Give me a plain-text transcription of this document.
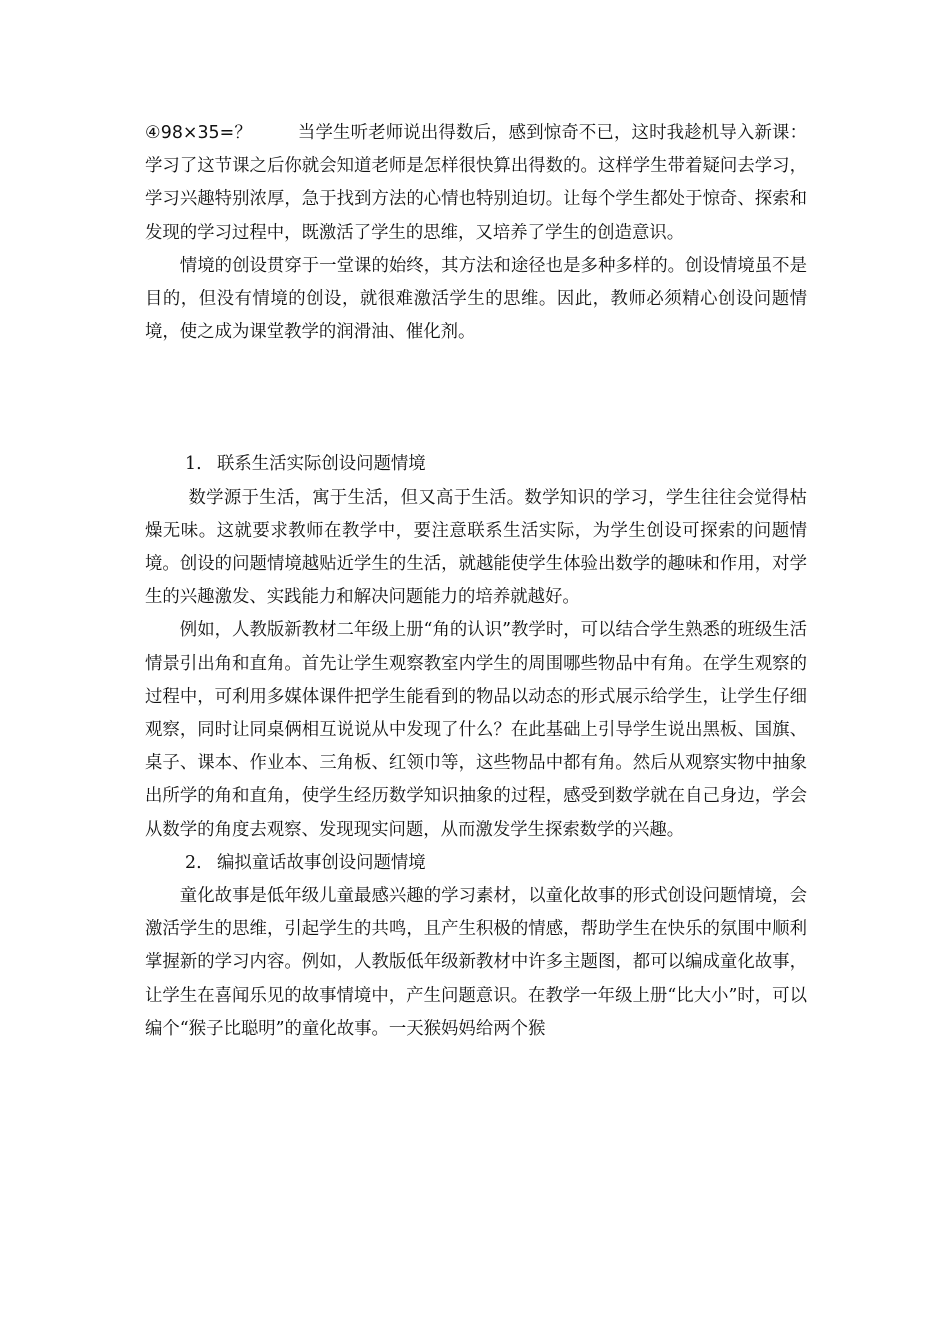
④98×35=？	当学生听老师说出得数后，感到惊奇不已，这时我趁机导入新课：学习了这节课之后你就会知道老师是怎样很快算出得数的。这样学生带着疑问去学习，学习兴趣特别浓厚，急于找到方法的心情也特别迫切。让每个学生都处于惊奇、探索和发现的学习过程中，既激活了学生的思维，又培养了学生的创造意识。

情境的创设贯穿于一堂课的始终，其方法和途径也是多种多样的。创设情境虽不是目的，但没有情境的创设，就很难激活学生的思维。因此，教师必须精心创设问题情境，使之成为课堂教学的润滑油、催化剂。

1. 联系生活实际创设问题情境

数学源于生活，寓于生活，但又高于生活。数学知识的学习，学生往往会觉得枯燥无味。这就要求教师在教学中，要注意联系生活实际，为学生创设可探索的问题情境。创设的问题情境越贴近学生的生活，就越能使学生体验出数学的趣味和作用，对学生的兴趣激发、实践能力和解决问题能力的培养就越好。

例如，人教版新教材二年级上册“角的认识”教学时，可以结合学生熟悉的班级生活情景引出角和直角。首先让学生观察教室内学生的周围哪些物品中有角。在学生观察的过程中，可利用多媒体课件把学生能看到的物品以动态的形式展示给学生，让学生仔细观察，同时让同桌俩相互说说从中发现了什么？在此基础上引导学生说出黑板、国旗、桌子、课本、作业本、三角板、红领巾等，这些物品中都有角。然后从观察实物中抽象出所学的角和直角，使学生经历数学知识抽象的过程，感受到数学就在自己身边，学会从数学的角度去观察、发现现实问题，从而激发学生探索数学的兴趣。

2. 编拟童话故事创设问题情境

童化故事是低年级儿童最感兴趣的学习素材，以童化故事的形式创设问题情境，会激活学生的思维，引起学生的共鸣，且产生积极的情感，帮助学生在快乐的氛围中顺利掌握新的学习内容。例如，人教版低年级新教材中许多主题图，都可以编成童化故事，让学生在喜闻乐见的故事情境中，产生问题意识。在教学一年级上册“比大小”时，可以编个“猴子比聪明”的童化故事。一天猴妈妈给两个猴
